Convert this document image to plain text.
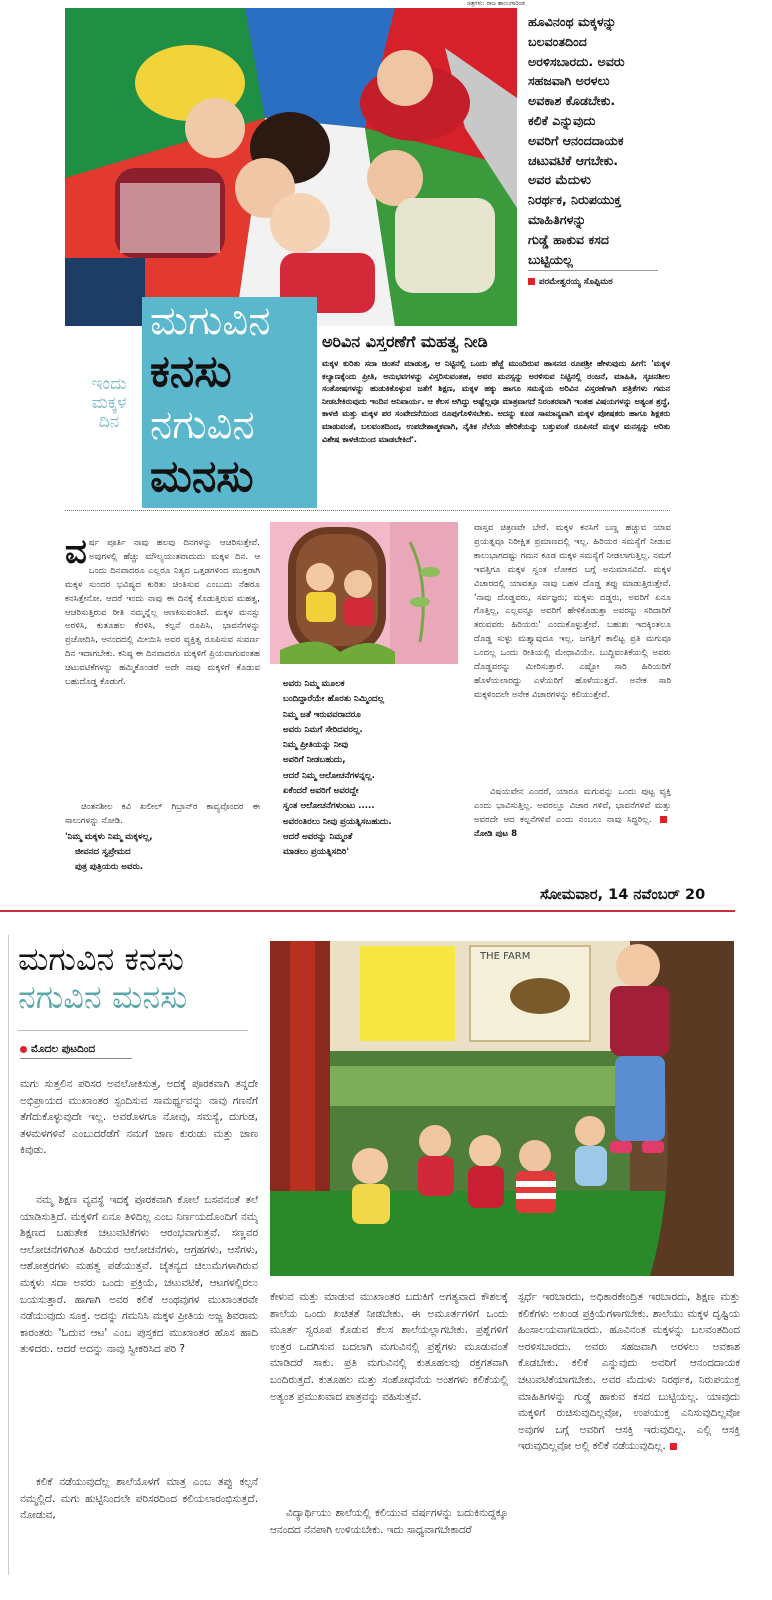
ಚಿತ್ರಗಳು: ರಾಜ ಶಾಂಬಗಾರಿಂಡ
ಹೂವಿನಂಥ ಮಕ್ಕಳನ್ನು
ಬಲವಂತದಿಂದ
ಅರಳಿಸಬಾರದು. ಅವರು
ಸಹಜವಾಗಿ ಅರಳಲು
ಅವಕಾಶ ಕೊಡಬೇಕು.
ಕಲಿಕೆ ಎನ್ನುವುದು
ಅವರಿಗೆ ಆನಂದದಾಯಕ
ಚಟುವಟಿಕೆ ಆಗಬೇಕು.
ಅವರ ಮೆದುಳು
ನಿರರ್ಥಕ, ನಿರುಪಯುಕ್ತ
ಮಾಹಿತಿಗಳನ್ನು
ಗುಡ್ಡೆ ಹಾಕುವ ಕಸದ
ಬುಟ್ಟಿಯಲ್ಲ
ಪರಮೇಶ್ವರಯ್ಯ ಸೊಪ್ಪಿಮಠ
ಮಗುವಿನ
ಕನಸು
ನಗುವಿನ
ಮನಸು
ಇಂದು
ಮಕ್ಕಳ
ದಿನ
ಅರಿವಿನ ವಿಸ್ತರಣೆಗೆ ಮಹತ್ವ ನೀಡಿ
ಮಕ್ಕಳ ಕುರಿತು ಸದಾ ಚಿಂತನೆ ಮಾಡುತ್ತ, ಆ ನಿಟ್ಟಿನಲ್ಲಿ ಒಂದು ಹೆಜ್ಜೆ ಮುಂದಿರುವ ಹಾಸನದ ರೂಪಶ್ರೀ ಹೇಳುವುದು ಹೀಗೆ: 'ಮಕ್ಕಳ ಕಲ್ಯಾಣಕ್ಕೆಂದು ಪ್ರೀತಿ, ಅನುಭವಗಳನ್ನು ವಿಸ್ತರಿಸುವಂತಹ, ಅವರ ಮನಸ್ಸನ್ನು ಅರಳಿಸುವ ನಿಟ್ಟಿನಲ್ಲಿ ರಂಜನೆ, ಮಾಹಿತಿ, ಸೃಜನಶೀಲ ಸಂತೋಷಗಳನ್ನು ಹುಡುಕಿಕೊಳ್ಳುವ ಜತೆಗೆ ಶಿಕ್ಷಣ, ಮಕ್ಕಳ ಹಕ್ಕು ಹಾಗೂ ಸಮಸ್ಯೆಯ ಅರಿವಿನ ವಿಸ್ತರಣೆಗಾಗಿ ಪತ್ರಿಕೆಗಳು ಗಮನ ನೀಡಬೇಕಿರುವುದು ಇಂದಿನ ಅನಿವಾರ್ಯ. ಆ ಕೆಲಸ ಆಗಿದ್ದು ಅಷ್ಟೆಲ್ಲವೂ ಮಾತ್ರವಾಗದೆ ನಿರಂತರವಾಗಿ ಇಂತಹ ವಿಷಯಗಳನ್ನು ಅತ್ಯಂತ ಶ್ರದ್ಧೆ, ಕಾಳಜಿ ಮತ್ತು ಮಕ್ಕಳ ಪರ ಸಂವೇದನೆಯಿಂದ ರೂಪುಗೊಳಿಸಬೇಕು. ಅದನ್ನು ಕೂಡ ಸಾಮಾನ್ಯವಾಗಿ ಮಕ್ಕಳ ಪೋಷಕರು ಹಾಗೂ ಶಿಕ್ಷಕರು ಮಾಡುವಂತೆ, ಬಲವಂತದಿಂದ, ಉಪದೇಶಾತ್ಮಕವಾಗಿ, ನೈತಿಕ ನೆಲೆಯ ಹೇರಿಕೆಯನ್ನು ಬತ್ತುವಂತೆ ರೂಪಿಸದೆ ಮಕ್ಕಳ ಮನಸ್ಸನ್ನು ಅರಿತು ವಿಶೇಷ ಕಾಳಜಿಯಿಂದ ಮಾಡಬೇಕಿದೆ'.
ವರ್ಷ ಪೂರ್ತಿ ನಾವು ಹಲವು ದಿನಗಳನ್ನು ಆಚರಿಸುತ್ತೇವೆ. ಅವುಗಳಲ್ಲಿ ಹೆಚ್ಚು ಮೌಲ್ಯಯುತವಾದುದು ಮಕ್ಕಳ ದಿನ. ಆ ಒಂದು ದಿನವಾದರೂ ಎಲ್ಲರೂ ನಿತ್ಯದ ಒತ್ತಡಗಳಿಂದ ಮುಕ್ತರಾಗಿ ಮಕ್ಕಳ ಸುಂದರ ಭವಿಷ್ಯದ ಕುರಿತು ಚಿಂತಿಸುವ ಎಂಬುದು ನೆಹರೂ ಕನಸಿತ್ತೇನೋ. ಆದರೆ ಇಂದು ನಾವು ಈ ದಿನಕ್ಕೆ ಕೊಡುತ್ತಿರುವ ಮಹತ್ವ, ಆಚರಿಸುತ್ತಿರುವ ರೀತಿ ನಮ್ಮನ್ನೆಲ್ಲ ಆಣಕಿಸುವಂತಿದೆ. ಮಕ್ಕಳ ಮನಸ್ಸು ಅರಳಿಸಿ, ಕುತೂಹಲ ಕೆರಳಿಸಿ, ಕಲ್ಪನೆ ರೂಪಿಸಿ, ಭಾವನೆಗಳನ್ನು ಪ್ರಚೋದಿಸಿ, ಆನಂದದಲ್ಲಿ ಮೀಯಿಸಿ ಅವರ ವ್ಯಕ್ತಿತ್ವ ರೂಪಿಸುವ ಸುವರ್ಣ ದಿನ ಇದಾಗಬೇಕು. ಕನಿಷ್ಠ ಈ ದಿನವಾದರೂ ಮಕ್ಕಳಿಗೆ ಪ್ರಿಯವಾಗುವಂತಹ ಚಟುವಟಿಕೆಗಳನ್ನು ಹಮ್ಮಿಕೊಂಡರೆ ಅದೇ ನಾವು ಮಕ್ಕಳಿಗೆ ಕೊಡುವ ಬಹುದೊಡ್ಡ ಕೊಡುಗೆ.
ಚಿಂತನಶೀಲ ಕವಿ ಖಲೀಲ್ ಗಿಬ್ರಾನ್‌ರ ಕಾವ್ಯವೊಂದರ ಈ ಸಾಲುಗಳನ್ನು ನೋಡಿ.
'ನಿಮ್ಮ ಮಕ್ಕಳು ನಿಮ್ಮ ಮಕ್ಕಳಲ್ಲ,
ಜೀವನದ ಸ್ವಪ್ರೇಮದ
ಪುತ್ರ ಪುತ್ರಿಯರು ಅವರು.
ಅವರು ನಿಮ್ಮ ಮೂಲಕ
ಬಂದಿದ್ದಾರೆಯೇ ಹೊರತು ನಿಮ್ಮಿಂದಲ್ಲ
ನಿಮ್ಮ ಜತೆ ಇರುವವರಾದರೂ
ಅವರು ನಿಮಗೆ ಸೇರಿದವರಲ್ಲ.
ನಿಮ್ಮ ಪ್ರೀತಿಯನ್ನು ನೀವು
ಅವರಿಗೆ ನೀಡಬಹುದು,
ಆದರೆ ನಿಮ್ಮ ಆಲೋಚನೆಗಳನ್ನಲ್ಲ.
ಏಕೆಂದರೆ ಅವರಿಗೆ ಅವರದ್ದೇ
ಸ್ವಂತ ಆಲೋಚನೆಗಳುಂಟು .....
ಅವರಂತಿರಲು ನೀವು ಪ್ರಯತ್ನಿಸಬಹುದು.
ಆದರೆ ಅವರನ್ನು ನಿಮ್ಮಂತೆ
ಮಾಡಲು ಪ್ರಯತ್ನಿಸದಿರಿ'
ವಾಸ್ತವ ಚಿತ್ರಣವೇ ಬೇರೆ. ಮಕ್ಕಳ ಕನಸಿಗೆ ಬಣ್ಣ ಹಚ್ಚುವ ಯಾವ ಪ್ರಯತ್ನವೂ ನಿರೀಕ್ಷಿತ ಪ್ರಮಾಣದಲ್ಲಿ ಇಲ್ಲ. ಹಿರಿಯರ ಸಮಸ್ಯೆಗೆ ನೀಡುವ ಕಾಲುಭಾಗದಷ್ಟು ಗಮನ ಕೂಡ ಮಕ್ಕಳ ಸಮಸ್ಯೆಗೆ ನೀಡಲಾಗುತ್ತಿಲ್ಲ. ನಮಗೆ ಇವತ್ತಿಗೂ ಮಕ್ಕಳ ಸ್ವಂತ ಲೋಕದ ಬಗ್ಗೆ ಅನುಮಾನವಿದೆ. ಮಕ್ಕಳ ವಿಚಾರದಲ್ಲಿ ಯಾವತ್ತೂ ನಾವು ಬಹಳ ದೊಡ್ಡ ತಪ್ಪು ಮಾಡುತ್ತಿರುತ್ತೇವೆ. 'ನಾವು ದೊಡ್ಡವರು, ಸರ್ವಜ್ಞರು; ಮಕ್ಕಳು ದಡ್ಡರು, ಅವರಿಗೆ ಏನೂ ಗೊತ್ತಿಲ್ಲ, ಎಲ್ಲವನ್ನೂ ಅವರಿಗೆ ಹೇಳಿಕೊಡುತ್ತಾ ಅವರನ್ನು ಸರಿದಾರಿಗೆ ತರುವವರು ಹಿರಿಯರು' ಎಂದುಕೊಳ್ಳುತ್ತೇವೆ. ಬಹುಶಃ ಇದಕ್ಕಿಂತಲೂ ದೊಡ್ಡ ಸುಳ್ಳು ಮತ್ತ್ಯಾವುದೂ ಇಲ್ಲ. ಜಗತ್ತಿಗೆ ಕಾಲಿಟ್ಟ ಪ್ರತಿ ಮಗುವೂ ಒಂದಲ್ಲ ಒಂದು ರೀತಿಯಲ್ಲಿ ಮೇಧಾವಿಯೇ. ಬುದ್ಧಿವಂತಿಕೆಯಲ್ಲಿ ಅವರು ದೊಡ್ಡವರನ್ನು ಮೀರಿಸುತ್ತಾರೆ. ಎಷ್ಟೋ ಸಾರಿ ಹಿರಿಯರಿಗೆ ಹೊಳೆಯಲಾರದ್ದು ಎಳೆಯರಿಗೆ ಹೊಳೆಯುತ್ತದೆ. ಅನೇಕ ಸಾರಿ ಮಕ್ಕಳಿಂದಲೇ ಅನೇಕ ವಿಚಾರಗಳನ್ನು ಕಲಿಯುತ್ತೇವೆ.
ವಿಷಯವೇನ ಎಂದರೆ, ಯಾರೂ ಮಗುವನ್ನು ಒಂದು ಪುಟ್ಟ ವ್ಯಕ್ತಿ ಎಂದು ಭಾವಿಸುತ್ತಿಲ್ಲ. ಅವರಲ್ಲೂ ವಿಚಾರ ಗಳಿವೆ, ಭಾವನೆಗಳಿವೆ ಮತ್ತು ಅವರದೇ ಆದ ಕಲ್ಪನೆಗಳಿವೆ ಎಂದು ನಂಬಲು ನಾವು ಸಿದ್ಧರಿಲ್ಲ. ನೋಡಿ ಪುಟ 8
ಸೋಮವಾರ, 14 ನವೆಂಬರ್ 20
ಮಗುವಿನ ಕನಸು
ನಗುವಿನ ಮನಸು
ಮೊದಲ ಪುಟದಿಂದ
ಮಗು ಸುತ್ತಲಿನ ಪರಿಸರ ಅವಲೋಕಿಸುತ್ತ, ಅದಕ್ಕೆ ಪೂರಕವಾಗಿ ತನ್ನದೇ ಅಭಿಪ್ರಾಯದ ಮುಖಾಂತರ ಸ್ಪಂದಿಸುವ ಸಾಮರ್ಥ್ಯವನ್ನು ನಾವು ಗಣನೆಗೆ ತೆಗೆದುಕೊಳ್ಳುವುದೇ ಇಲ್ಲ. ಅವರೊಳಗೂ ನೋವು, ಸಮಸ್ಯೆ, ದುಗುಡ, ತಳಮಳಗಳಿವೆ ಎಂಬುದರೆಡೆಗೆ ನಮಗೆ ಜಾಣ ಕುರುಡು ಮತ್ತು ಜಾಣ ಕಿವುಡು.
ನಮ್ಮ ಶಿಕ್ಷಣ ವ್ಯವಸ್ಥೆ ಇದಕ್ಕೆ ಪೂರಕವಾಗಿ ಕೋಲೆ ಬಸವನಂತೆ ತಲೆ ಯಾಡಿಸುತ್ತಿದೆ. ಮಕ್ಕಳಿಗೆ ಏನೂ ತಿಳಿದಿಲ್ಲ ಎಂಬ ನಿರ್ಣಯದೊಂದಿಗೆ ನಮ್ಮ ಶಿಕ್ಷಣದ ಬಹುತೇಕ ಚಟುವಟಿಕೆಗಳು ಆರಂಭವಾಗುತ್ತವೆ. ಸಣ್ಣವರ ಆಲೋಚನೆಗಳಿಗಿಂತ ಹಿರಿಯರ ಆಲೋಚನೆಗಳು, ಆಗ್ರಹಗಳು, ಆಸೆಗಳು, ಆಶೋತ್ತರಗಳು ಮಹತ್ವ ಪಡೆಯುತ್ತವೆ. ಚೈತನ್ಯದ ಚಿಲುಮೆಗಳಾಗಿರುವ ಮಕ್ಕಳು ಸದಾ ಅವರು ಒಂದು ಪ್ರಕ್ರಿಯೆ, ಚಟುವಟಿಕೆ, ಆಟಗಳಲ್ಲಿರಲು ಬಯಸುತ್ತಾರೆ. ಹಾಗಾಗಿ ಅವರ ಕಲಿಕೆ ಅಂಥವುಗಳ ಮುಖಾಂತರವೇ ನಡೆಯುವುದು ಸೂಕ್ತ. ಅದನ್ನು ಗಮನಿಸಿ ಮಕ್ಕಳ ಪ್ರೀತಿಯ ಅಜ್ಜ ಶಿವರಾಮ ಕಾರಂತರು 'ಓದುವ ಆಟ' ಎಂಬ ಪುಸ್ತಕದ ಮುಖಾಂತರ ಹೊಸ ಹಾದಿ ತುಳಿದರು. ಆದರೆ ಅದನ್ನು ನಾವು ಸ್ವೀಕರಿಸಿದ ಪರಿ ?
ಕಲಿಕೆ ನಡೆಯುವುದೆಲ್ಲ ಶಾಲೆಯೊಳಗೆ ಮಾತ್ರ ಎಂಬ ತಪ್ಪು ಕಲ್ಪನೆ ನಮ್ಮಲ್ಲಿದೆ. ಮಗು ಹುಟ್ಟಿನಿಂದಲೇ ಪರಿಸರದಿಂದ ಕಲಿಯಲಾರಂಭಿಸುತ್ತದೆ. ನೋಡುವ,
THE FARM
ಕೇಳುವ ಮತ್ತು ಮಾಡುವ ಮುಖಾಂತರ ಬದುಕಿಗೆ ಅಗತ್ಯವಾದ ಕೌಶಲಕ್ಕೆ ಶಾಲೆಯ ಒಂದು ಖಚಿತತೆ ನೀಡಬೇಕು. ಈ ಅಮೂರ್ತಗಳಿಗೆ ಒಂದು ಮೂರ್ತ ಸ್ವರೂಪ ಕೊಡುವ ಕೆಲಸ ಶಾಲೆಯಲ್ಲಾಗಬೇಕು. ಪ್ರಶ್ನೆಗಳಿಗೆ ಉತ್ತರ ಒದಗಿಸುವ ಬದಲಾಗಿ ಮಗುವಿನಲ್ಲಿ ಪ್ರಶ್ನೆಗಳು ಮೂಡುವಂತೆ ಮಾಡಿದರೆ ಸಾಕು. ಪ್ರತಿ ಮಗುವಿನಲ್ಲಿ ಕುತೂಹಲವು ರಕ್ತಗತವಾಗಿ ಬಂದಿರುತ್ತದೆ. ಕುತೂಹಲ ಮತ್ತು ಸಂಶೋಧನೆಯ ಅಂಶಗಳು ಕಲಿಕೆಯಲ್ಲಿ ಅತ್ಯಂತ ಪ್ರಮುಖವಾದ ಪಾತ್ರವನ್ನು ವಹಿಸುತ್ತವೆ.
ವಿದ್ಯಾರ್ಥಿಯು ಶಾಲೆಯಲ್ಲಿ ಕಲಿಯುವ ವರ್ಷಗಳನ್ನು ಬದುಕಿನುದ್ದಕ್ಕೂ ಆನಂದದ ನೆನಪಾಗಿ ಉಳಿಯಬೇಕು. ಇದು ಸಾಧ್ಯವಾಗಬೇಕಾದರೆ
ಸ್ಪರ್ಧೆ ಇರಬಾರದು, ಅಧಿಕಾರಕೇಂದ್ರಿತ ಇರಬಾರದು, ಶಿಕ್ಷಣ ಮತ್ತು ಕಲಿಕೆಗಳು ಅಖಂಡ ಪ್ರಕ್ರಿಯೆಗಳಾಗಬೇಕು. ಶಾಲೆಯು ಮಕ್ಕಳ ದೃಷ್ಟಿಯ ಹಿಂಸಾಲಯವಾಗಬಾರದು. ಹೂವಿನಂತ ಮಕ್ಕಳನ್ನು ಬಲವಂತದಿಂದ ಅರಳಿಸಬಾರದು. ಅವರು ಸಹಜವಾಗಿ ಅರಳಲು ಅವಕಾಶ ಕೊಡಬೇಕು. ಕಲಿಕೆ ಎನ್ನುವುದು ಅವರಿಗೆ ಆನಂದದಾಯಕ ಚಟುವಟಿಕೆಯಾಗಬೇಕು. ಅವರ ಮೆದುಳು ನಿರರ್ಥಕ, ನಿರುಪಯುಕ್ತ ಮಾಹಿತಿಗಳನ್ನು ಗುಡ್ಡೆ ಹಾಕುವ ಕಸದ ಬುಟ್ಟಿಯಲ್ಲ. ಯಾವುದು ಮಕ್ಕಳಿಗೆ ರುಚಿಸುವುದಿಲ್ಲವೋ, ಉಪಯುಕ್ತ ಎನಿಸುವುದಿಲ್ಲವೋ ಅವುಗಳ ಬಗ್ಗೆ ಅವರಿಗೆ ಆಸಕ್ತಿ ಇರುವುದಿಲ್ಲ. ಎಲ್ಲಿ ಆಸಕ್ತಿ ಇರುವುದಿಲ್ಲವೋ ಅಲ್ಲಿ ಕಲಿಕೆ ನಡೆಯುವುದಿಲ್ಲ.
